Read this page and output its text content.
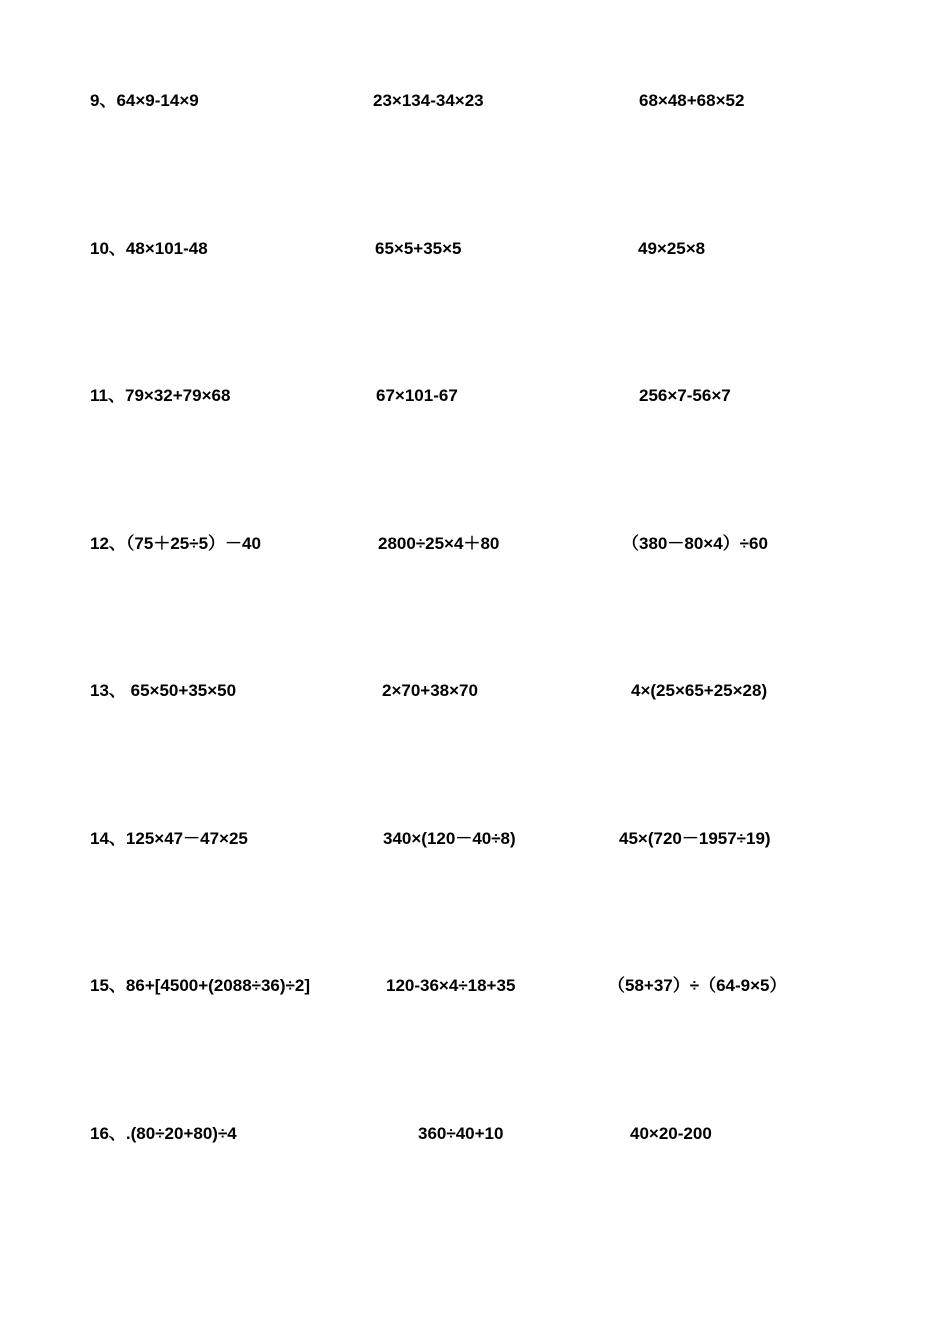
9、64×9-14×9	23×134-34×23	68×48+68×52
10、48×101-48	65×5+35×5	49×25×8
11、79×32+79×68	67×101-67	256×7-56×7
12、（75＋25÷5）－40	2800÷25×4＋80	（380－80×4）÷60
13、 65×50+35×50	2×70+38×70	4×(25×65+25×28)
14、125×47－47×25	340×(120－40÷8)	45×(720－1957÷19)
15、86+[4500+(2088÷36)÷2]	120-36×4÷18+35	（58+37）÷（64-9×5）
16、.(80÷20+80)÷4	360÷40+10	40×20-200
